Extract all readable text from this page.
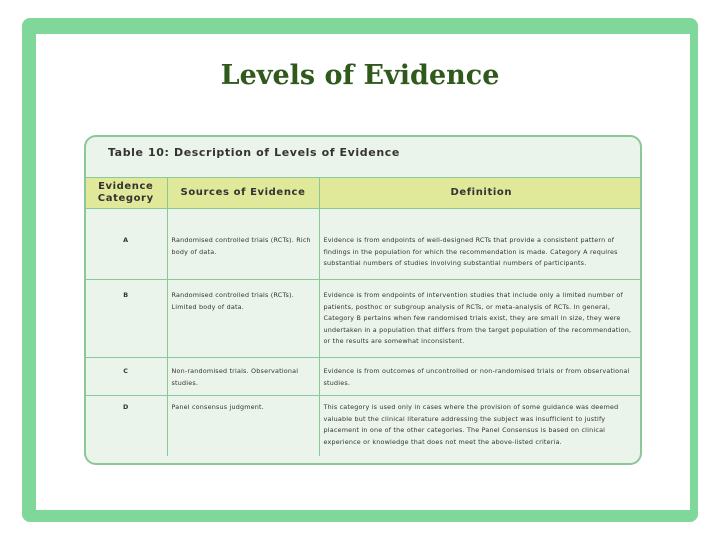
Levels of Evidence
Table 10: Description of Levels of Evidence
Evidence Category	Sources of Evidence	Definition
A	Randomised controlled trials (RCTs). Rich body of data.	Evidence is from endpoints of well-designed RCTs that provide a consistent pattern of findings in the population for which the recommendation is made. Category A requires substantial numbers of studies involving substantial numbers of participants.
B	Randomised controlled trials (RCTs). Limited body of data.	Evidence is from endpoints of intervention studies that include only a limited number of patients, posthoc or subgroup analysis of RCTs, or meta-analysis of RCTs. In general, Category B pertains when few randomised trials exist, they are small in size, they were undertaken in a population that differs from the target population of the recommendation, or the results are somewhat inconsistent.
C	Non-randomised trials. Observational studies.	Evidence is from outcomes of uncontrolled or non-randomised trials or from observational studies.
D	Panel consensus judgment.	This category is used only in cases where the provision of some guidance was deemed valuable but the clinical literature addressing the subject was insufficient to justify placement in one of the other categories. The Panel Consensus is based on clinical experience or knowledge that does not meet the above-listed criteria.
